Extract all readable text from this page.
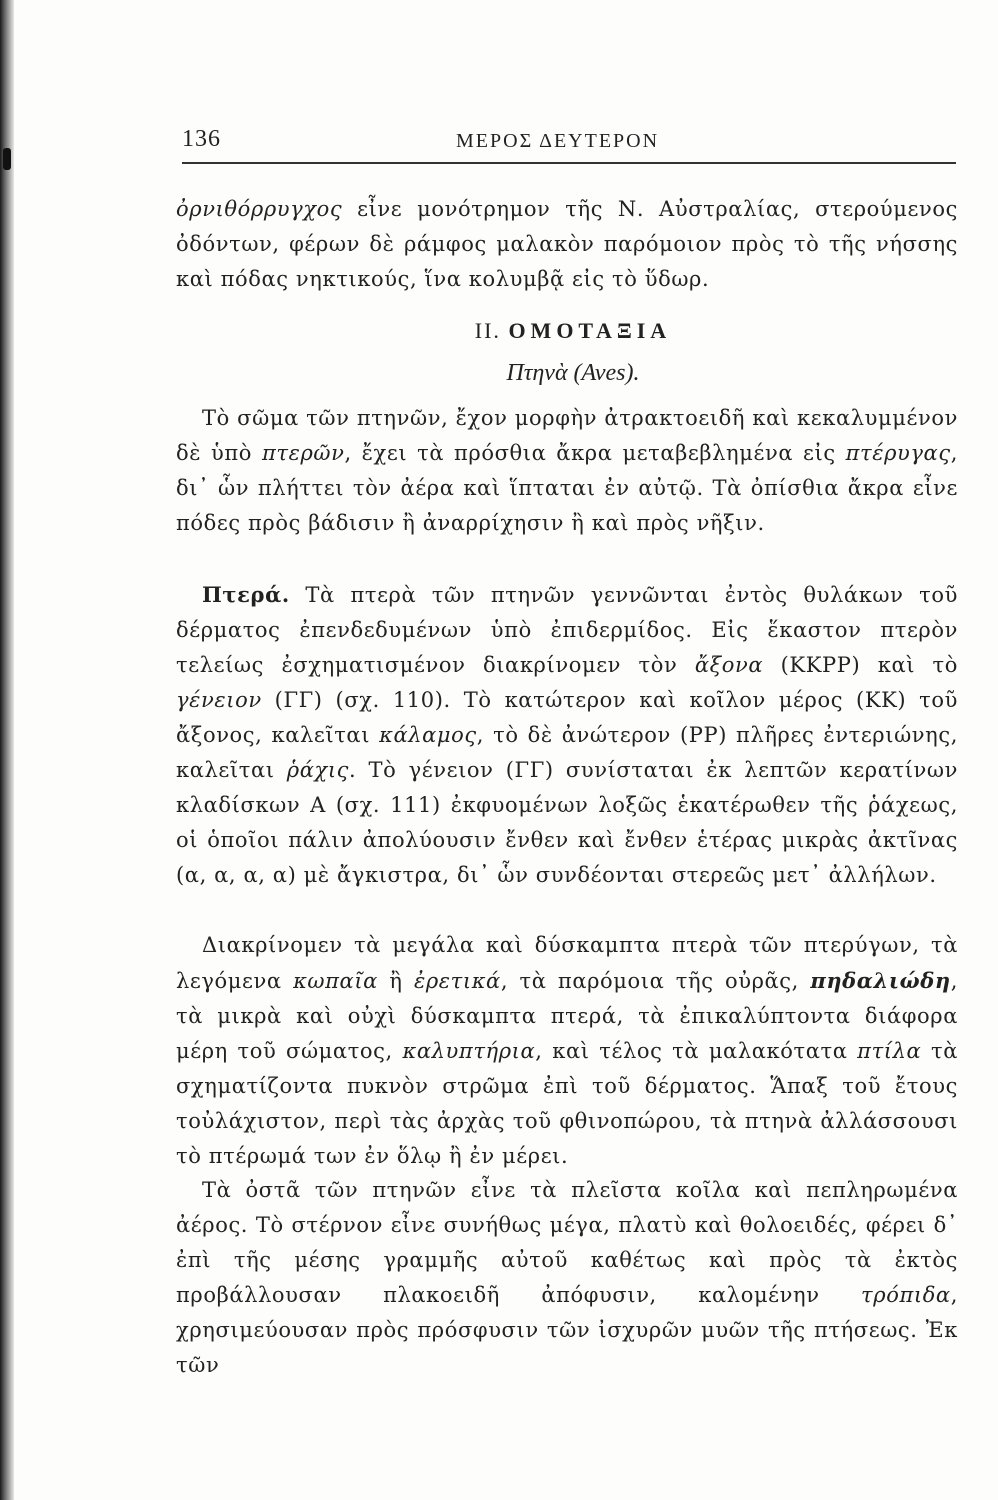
136	ΜΕΡΟΣ ΔΕΥΤΕΡΟΝ

ὀρνιθόρρυγχος εἶνε μονότρημον τῆς Ν. Αὐστραλίας, στερούμενος ὀδόντων, φέρων δὲ ράμφος μαλακὸν παρόμοιον πρὸς τὸ τῆς νήσσης καὶ πόδας νηκτικούς, ἵνα κολυμβᾷ εἰς τὸ ὕδωρ.

II. ΟΜΟΤΑΞΙΑ
Πτηνὰ (Aves).

Τὸ σῶμα τῶν πτηνῶν, ἔχον μορφὴν ἀτρακτοειδῆ καὶ κεκαλυμμένον δὲ ὑπὸ πτερῶν, ἔχει τὰ πρόσθια ἄκρα μεταβεβλημένα εἰς πτέρυγας, δι᾽ ὧν πλήττει τὸν ἀέρα καὶ ἵπταται ἐν αὐτῷ. Τὰ ὀπίσθια ἄκρα εἶνε πόδες πρὸς βάδισιν ἢ ἀναρρίχησιν ἢ καὶ πρὸς νῆξιν.

Πτερά. Τὰ πτερὰ τῶν πτηνῶν γεννῶνται ἐντὸς θυλάκων τοῦ δέρματος ἐπενδεδυμένων ὑπὸ ἐπιδερμίδος. Εἰς ἕκαστον πτερὸν τελείως ἐσχηματισμένον διακρίνομεν τὸν ἄξονα (ΚΚΡΡ) καὶ τὸ γένειον (ΓΓ) (σχ. 110). Τὸ κατώτερον καὶ κοῖλον μέρος (ΚΚ) τοῦ ἄξονος, καλεῖται κάλαμος, τὸ δὲ ἀνώτερον (ΡΡ) πλῆρες ἐντεριώνης, καλεῖται ῥάχις. Τὸ γένειον (ΓΓ) συνίσταται ἐκ λεπτῶν κερατίνων κλαδίσκων Α (σχ. 111) ἐκφυομένων λοξῶς ἑκατέρωθεν τῆς ῥάχεως, οἱ ὁποῖοι πάλιν ἀπολύουσιν ἔνθεν καὶ ἔνθεν ἑτέρας μικρὰς ἀκτῖνας (α, α, α, α) μὲ ἄγκιστρα, δι᾽ ὧν συνδέονται στερεῶς μετ᾽ ἀλλήλων.

Διακρίνομεν τὰ μεγάλα καὶ δύσκαμπτα πτερὰ τῶν πτερύγων, τὰ λεγόμενα κωπαῖα ἢ ἐρετικά, τὰ παρόμοια τῆς οὐρᾶς, πηδαλιώδη, τὰ μικρὰ καὶ οὐχὶ δύσκαμπτα πτερά, τὰ ἐπικαλύπτοντα διάφορα μέρη τοῦ σώματος, καλυπτήρια, καὶ τέλος τὰ μαλακότατα πτίλα τὰ σχηματίζοντα πυκνὸν στρῶμα ἐπὶ τοῦ δέρματος. Ἅπαξ τοῦ ἔτους τοὐλάχιστον, περὶ τὰς ἀρχὰς τοῦ φθινοπώρου, τὰ πτηνὰ ἀλλάσσουσι τὸ πτέρωμά των ἐν ὅλῳ ἢ ἐν μέρει.

Τὰ ὀστᾶ τῶν πτηνῶν εἶνε τὰ πλεῖστα κοῖλα καὶ πεπληρωμένα ἀέρος. Τὸ στέρνον εἶνε συνήθως μέγα, πλατὺ καὶ θολοειδές, φέρει δ᾽ ἐπὶ τῆς μέσης γραμμῆς αὐτοῦ καθέτως καὶ πρὸς τὰ ἐκτὸς προβάλλουσαν πλακοειδῆ ἀπόφυσιν, καλομένην τρόπιδα, χρησιμεύουσαν πρὸς πρόσφυσιν τῶν ἰσχυρῶν μυῶν τῆς πτήσεως. Ἐκ τῶν
